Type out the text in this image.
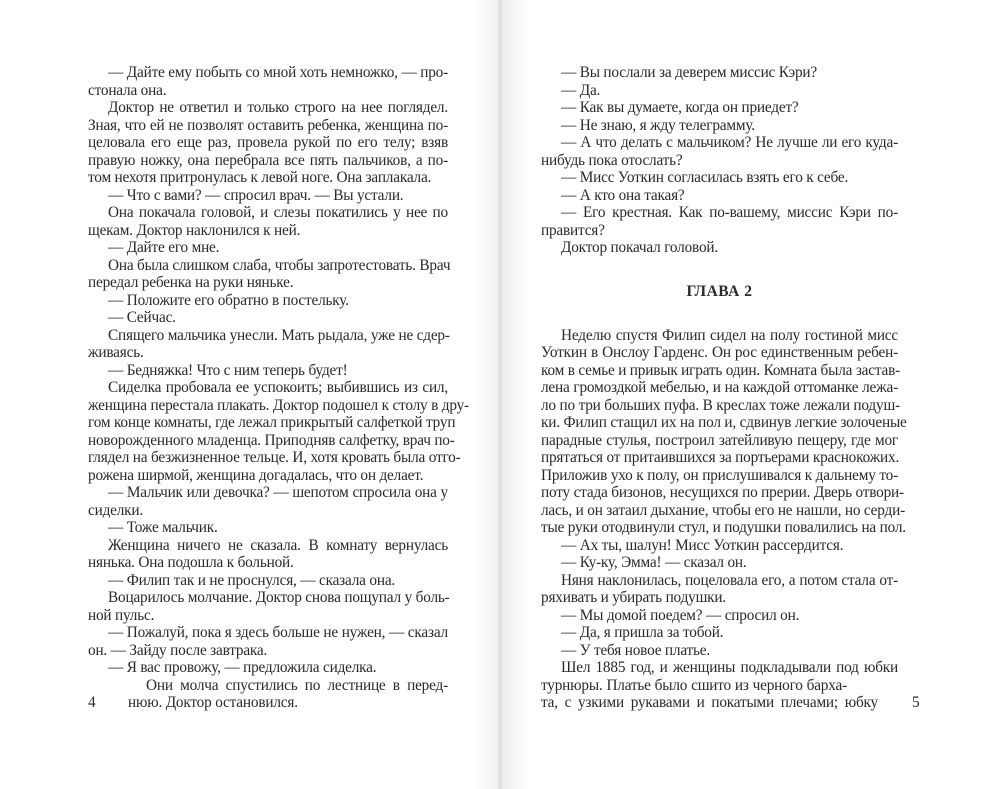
— Дайте ему побыть со мной хоть немножко, — про-
стонала она.
Доктор не ответил и только строго на нее поглядел.
Зная, что ей не позволят оставить ребенка, женщина по-
целовала его еще раз, провела рукой по его телу; взяв
правую ножку, она перебрала все пять пальчиков, а по-
том нехотя притронулась к левой ноге. Она заплакала.
— Что с вами? — спросил врач. — Вы устали.
Она покачала головой, и слезы покатились у нее по
щекам. Доктор наклонился к ней.
— Дайте его мне.
Она была слишком слаба, чтобы запротестовать. Врач
передал ребенка на руки няньке.
— Положите его обратно в постельку.
— Сейчас.
Спящего мальчика унесли. Мать рыдала, уже не сдер-
живаясь.
— Бедняжка! Что с ним теперь будет!
Сиделка пробовала ее успокоить; выбившись из сил,
женщина перестала плакать. Доктор подошел к столу в дру-
гом конце комнаты, где лежал прикрытый салфеткой труп
новорожденного младенца. Приподняв салфетку, врач по-
глядел на безжизненное тельце. И, хотя кровать была отго-
рожена ширмой, женщина догадалась, что он делает.
— Мальчик или девочка? — шепотом спросила она у
сиделки.
— Тоже мальчик.
Женщина ничего не сказала. В комнату вернулась
нянька. Она подошла к больной.
— Филип так и не проснулся, — сказала она.
Воцарилось молчание. Доктор снова пощупал у боль-
ной пульс.
— Пожалуй, пока я здесь больше не нужен, — сказал
он. — Зайду после завтрака.
— Я вас провожу, — предложила сиделка.
Они молча спустились по лестнице в перед-
4 нюю. Доктор остановился.
— Вы послали за деверем миссис Кэри?
— Да.
— Как вы думаете, когда он приедет?
— Не знаю, я жду телеграмму.
— А что делать с мальчиком? Не лучше ли его куда-
нибудь пока отослать?
— Мисс Уоткин согласилась взять его к себе.
— А кто она такая?
— Его крестная. Как по-вашему, миссис Кэри по-
правится?
Доктор покачал головой.
ГЛАВА 2
Неделю спустя Филип сидел на полу гостиной мисс
Уоткин в Онслоу Гарденс. Он рос единственным ребен-
ком в семье и привык играть один. Комната была застав-
лена громоздкой мебелью, и на каждой оттоманке лежа-
ло по три больших пуфа. В креслах тоже лежали подуш-
ки. Филип стащил их на пол и, сдвинув легкие золоченые
парадные стулья, построил затейливую пещеру, где мог
прятаться от притаившихся за портьерами краснокожих.
Приложив ухо к полу, он прислушивался к дальнему то-
поту стада бизонов, несущихся по прерии. Дверь отвори-
лась, и он затаил дыхание, чтобы его не нашли, но серди-
тые руки отодвинули стул, и подушки повалились на пол.
— Ах ты, шалун! Мисс Уоткин рассердится.
— Ку-ку, Эмма! — сказал он.
Няня наклонилась, поцеловала его, а потом стала от-
ряхивать и убирать подушки.
— Мы домой поедем? — спросил он.
— Да, я пришла за тобой.
— У тебя новое платье.
Шел 1885 год, и женщины подкладывали под юбки
турнюры. Платье было сшито из черного барха-
та, с узкими рукавами и покатыми плечами; юбку 5
